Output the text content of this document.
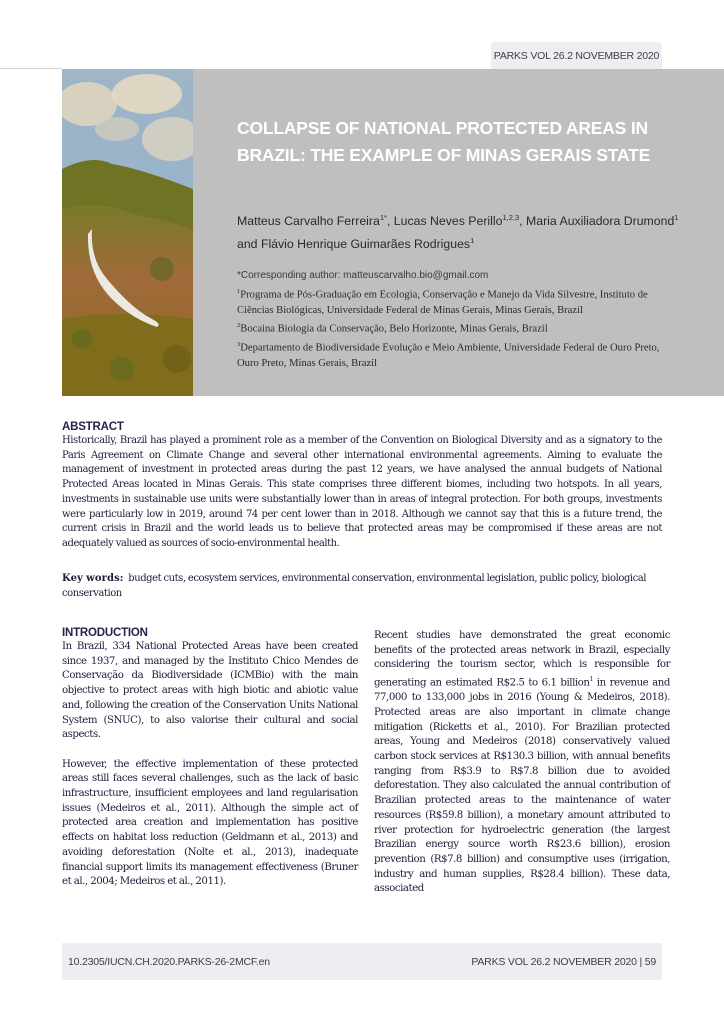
PARKS VOL 26.2 NOVEMBER 2020
COLLAPSE OF NATIONAL PROTECTED AREAS IN BRAZIL: THE EXAMPLE OF MINAS GERAIS STATE
Matteus Carvalho Ferreira$^{1*}$, Lucas Neves Perillo$^{1,2,3}$, Maria Auxiliadora Drumond$^1$ and Flávio Henrique Guimarães Rodrigues$^1$
*Corresponding author: matteuscarvalho.bio@gmail.com
$^1$Programa de Pós-Graduação em Ecologia, Conservação e Manejo da Vida Silvestre, Instituto de Ciências Biológicas, Universidade Federal de Minas Gerais, Minas Gerais, Brazil
$^2$Bocaina Biologia da Conservação, Belo Horizonte, Minas Gerais, Brazil
$^3$Departamento de Biodiversidade Evolução e Meio Ambiente, Universidade Federal de Ouro Preto, Ouro Preto, Minas Gerais, Brazil
ABSTRACT

Historically, Brazil has played a prominent role as a member of the Convention on Biological Diversity and as a signatory to the Paris Agreement on Climate Change and several other international environmental agreements. Aiming to evaluate the management of investment in protected areas during the past 12 years, we have analysed the annual budgets of National Protected Areas located in Minas Gerais. This state comprises three different biomes, including two hotspots. In all years, investments in sustainable use units were substantially lower than in areas of integral protection. For both groups, investments were particularly low in 2019, around 74 per cent lower than in 2018. Although we cannot say that this is a future trend, the current crisis in Brazil and the world leads us to believe that protected areas may be compromised if these areas are not adequately valued as sources of socio-environmental health.

Key words: budget cuts, ecosystem services, environmental conservation, environmental legislation, public policy, biological conservation
INTRODUCTION

In Brazil, 334 National Protected Areas have been created since 1937, and managed by the Instituto Chico Mendes de Conservação da Biodiversidade (ICMBio) with the main objective to protect areas with high biotic and abiotic value and, following the creation of the Conservation Units National System (SNUC), to also valorise their cultural and social aspects.

However, the effective implementation of these protected areas still faces several challenges, such as the lack of basic infrastructure, insufficient employees and land regularisation issues (Medeiros et al., 2011). Although the simple act of protected area creation and implementation has positive effects on habitat loss reduction (Geldmann et al., 2013) and avoiding deforestation (Nolte et al., 2013), inadequate financial support limits its management effectiveness (Bruner et al., 2004; Medeiros et al., 2011).

Recent studies have demonstrated the great economic benefits of the protected areas network in Brazil, especially considering the tourism sector, which is responsible for generating an estimated R$2.5 to 6.1 billion$^1$ in revenue and 77,000 to 133,000 jobs in 2016 (Young & Medeiros, 2018). Protected areas are also important in climate change mitigation (Ricketts et al., 2010). For Brazilian protected areas, Young and Medeiros (2018) conservatively valued carbon stock services at R$130.3 billion, with annual benefits ranging from R$3.9 to R$7.8 billion due to avoided deforestation. They also calculated the annual contribution of Brazilian protected areas to the maintenance of water resources (R$59.8 billion), a monetary amount attributed to river protection for hydroelectric generation (the largest Brazilian energy source worth R$23.6 billion), erosion prevention (R$7.8 billion) and consumptive uses (irrigation, industry and human supplies, R$28.4 billion). These data, associated

10.2305/IUCN.CH.2020.PARKS-26-2MCF.en	PARKS VOL 26.2 NOVEMBER 2020 | 59
